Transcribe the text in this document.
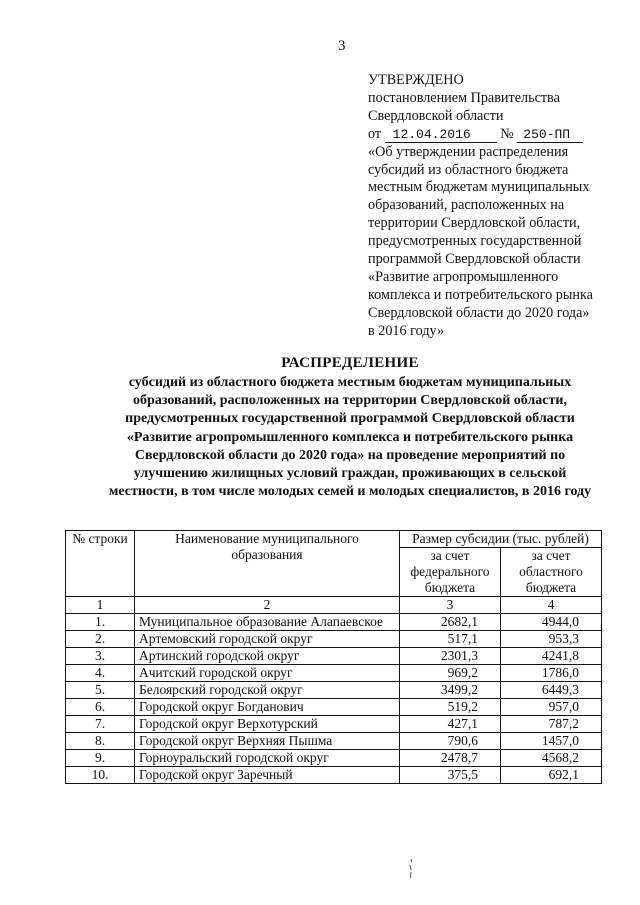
3
УТВЕРЖДЕНО
постановлением Правительства
Свердловской области
от 12.04.2016 № 250-ПП
«Об утверждении распределения
субсидий из областного бюджета
местным бюджетам муниципальных
образований, расположенных на
территории Свердловской области,
предусмотренных государственной
программой Свердловской области
«Развитие агропромышленного
комплекса и потребительского рынка
Свердловской области до 2020 года»
в 2016 году»
РАСПРЕДЕЛЕНИЕ
субсидий из областного бюджета местным бюджетам муниципальных
образований, расположенных на территории Свердловской области,
предусмотренных государственной программой Свердловской области
«Развитие агропромышленного комплекса и потребительского рынка
Свердловской области до 2020 года» на проведение мероприятий по
улучшению жилищных условий граждан, проживающих в сельской
местности, в том числе молодых семей и молодых специалистов, в 2016 году
№ строки	Наименование муниципального образования	Размер субсидии (тыс. рублей)	
		за счет федерального бюджета	за счет областного бюджета
1	2	3	4
1.	Муниципальное образование Алапаевское	2682,1	4944,0
2.	Артемовский городской округ	517,1	953,3
3.	Артинский городской округ	2301,3	4241,8
4.	Ачитский городской округ	969,2	1786,0
5.	Белоярский городской округ	3499,2	6449,3
6.	Городской округ Богданович	519,2	957,0
7.	Городской округ Верхотурский	427,1	787,2
8.	Городской округ Верхняя Пышма	790,6	1457,0
9.	Горноуральский городской округ	2478,7	4568,2
10.	Городской округ Заречный	375,5	692,1
